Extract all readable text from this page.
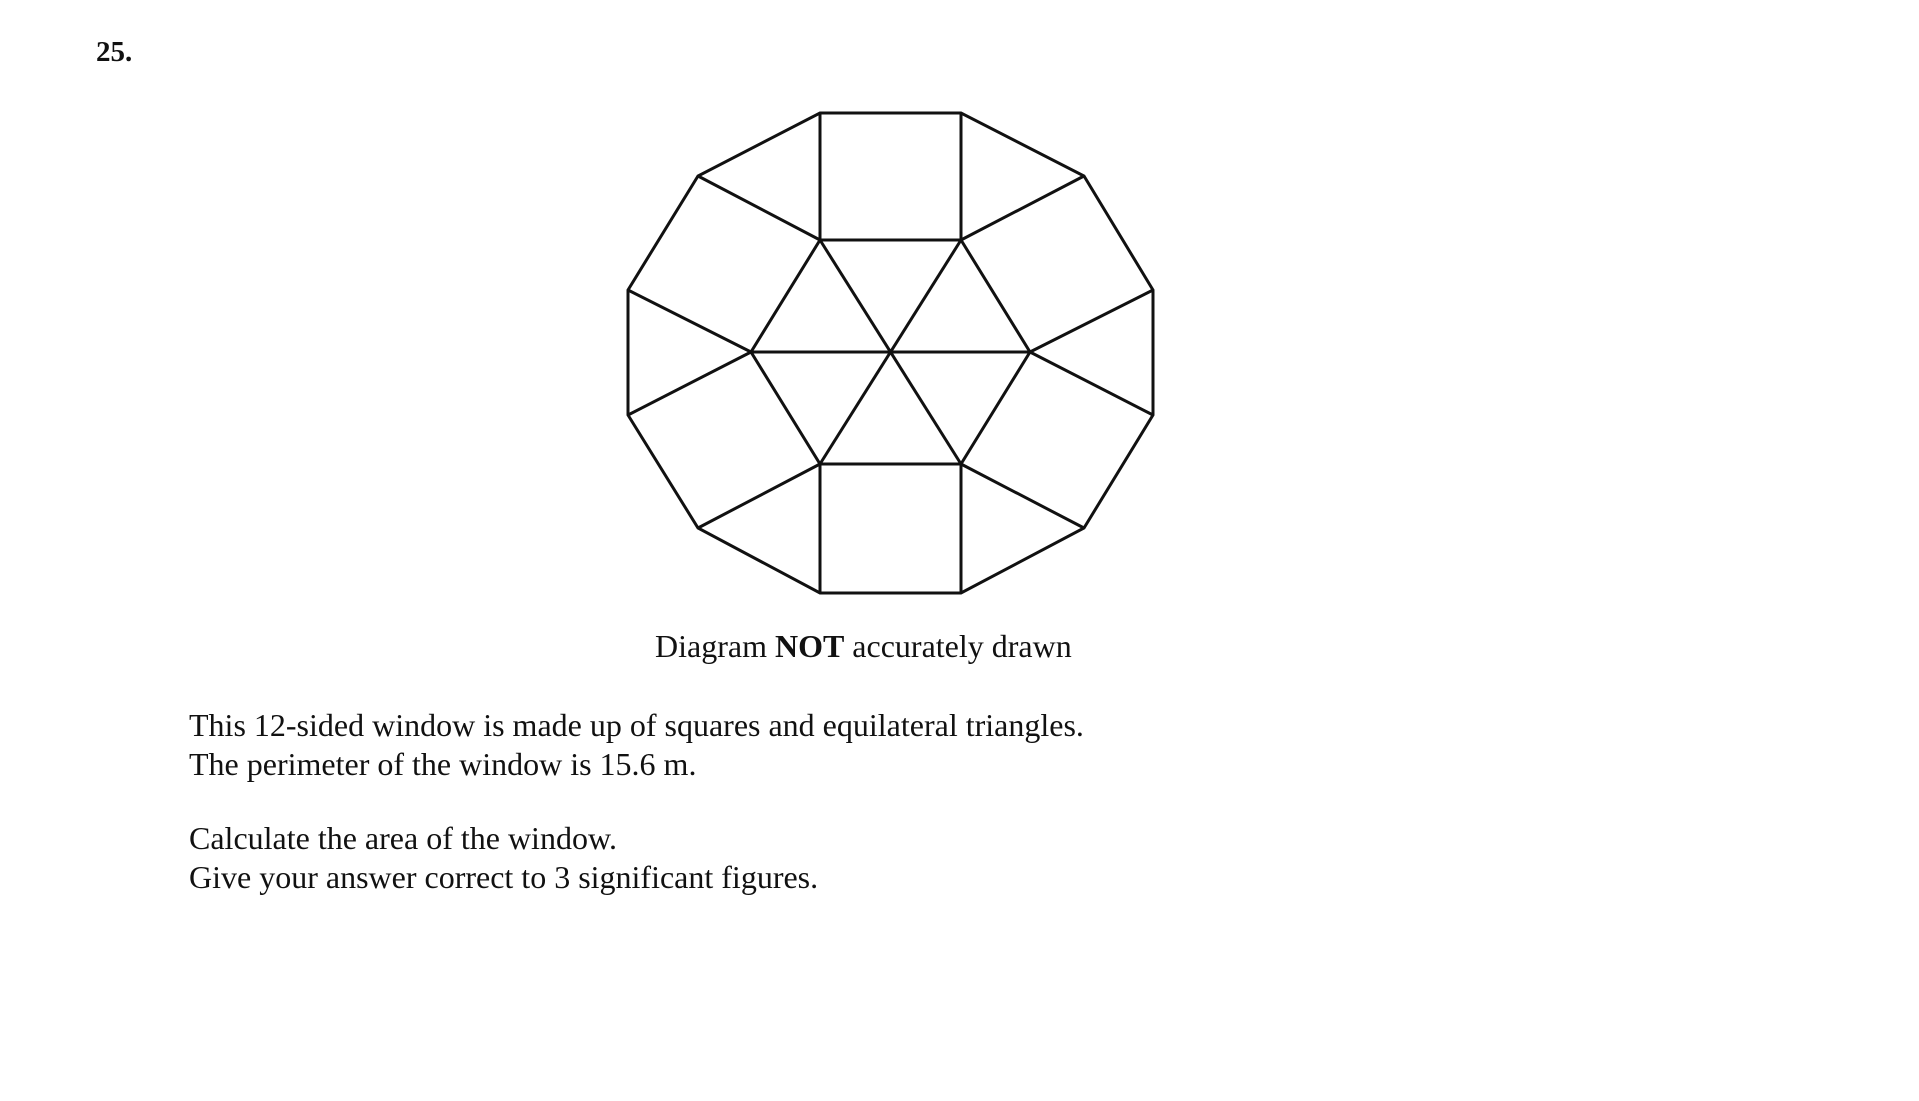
25.
Diagram NOT accurately drawn
This 12-sided window is made up of squares and equilateral triangles.
The perimeter of the window is 15.6 m.
Calculate the area of the window.
Give your answer correct to 3 significant figures.
